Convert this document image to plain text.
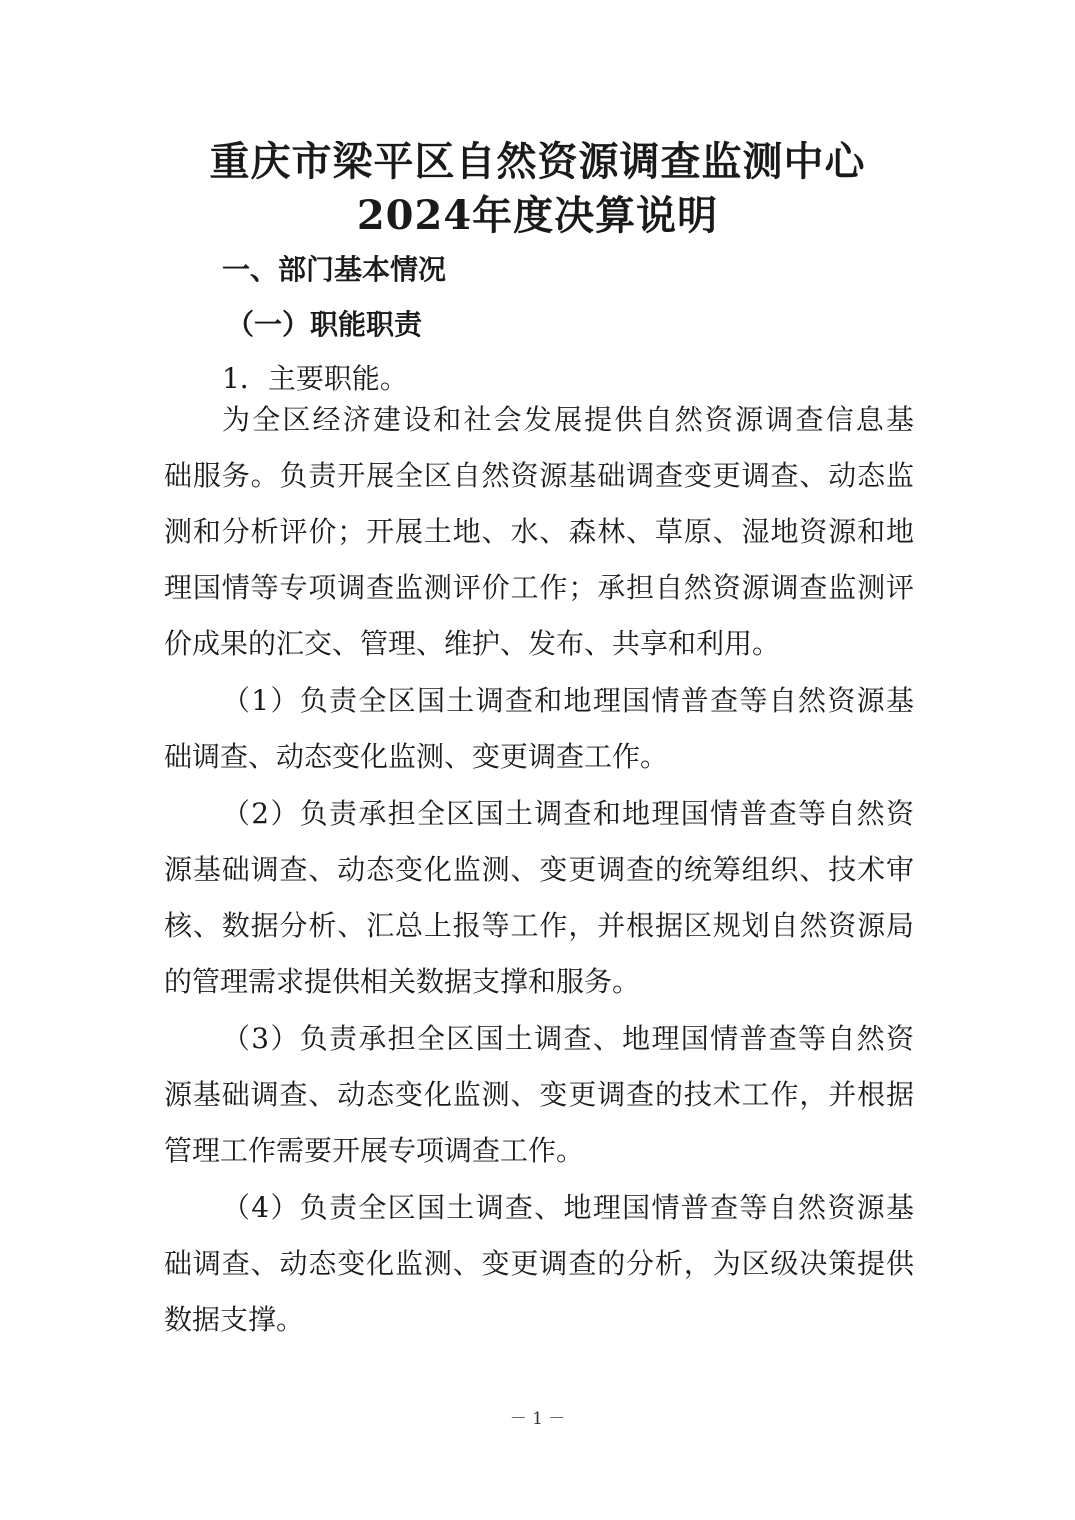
重庆市梁平区自然资源调查监测中心
2024年度决算说明
一、部门基本情况
（一）职能职责
1．主要职能。
为全区经济建设和社会发展提供自然资源调查信息基
础服务。负责开展全区自然资源基础调查变更调查、动态监
测和分析评价；开展土地、水、森林、草原、湿地资源和地
理国情等专项调查监测评价工作；承担自然资源调查监测评
价成果的汇交、管理、维护、发布、共享和利用。
（1）负责全区国土调查和地理国情普查等自然资源基
础调查、动态变化监测、变更调查工作。
（2）负责承担全区国土调查和地理国情普查等自然资
源基础调查、动态变化监测、变更调查的统筹组织、技术审
核、数据分析、汇总上报等工作，并根据区规划自然资源局
的管理需求提供相关数据支撑和服务。
（3）负责承担全区国土调查、地理国情普查等自然资
源基础调查、动态变化监测、变更调查的技术工作，并根据
管理工作需要开展专项调查工作。
（4）负责全区国土调查、地理国情普查等自然资源基
础调查、动态变化监测、变更调查的分析，为区级决策提供
数据支撑。
－ 1 －
